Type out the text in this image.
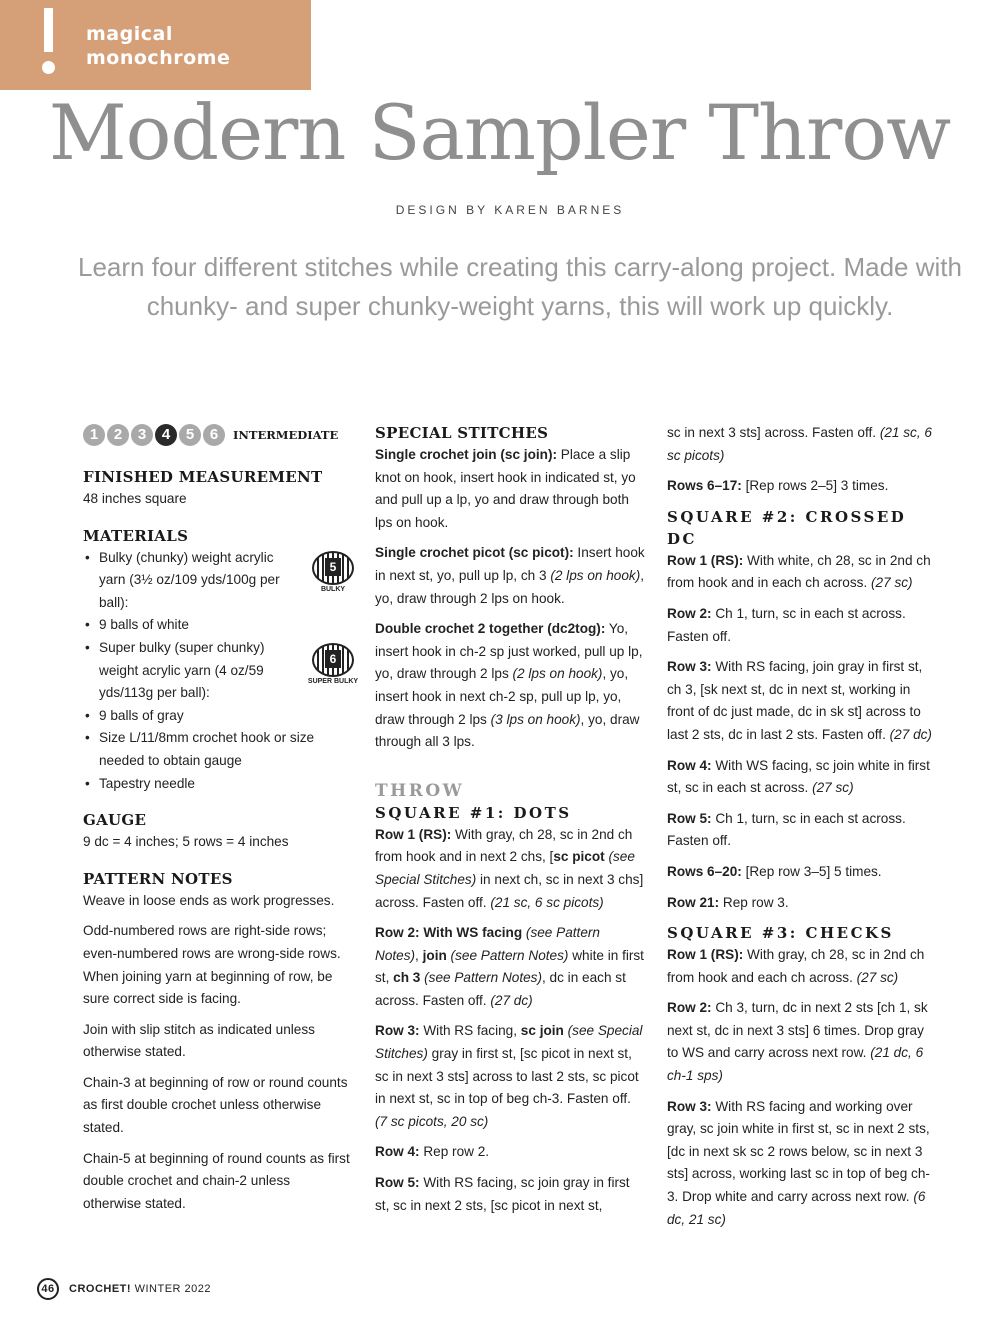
magical
monochrome
Modern Sampler Throw
DESIGN BY KAREN BARNES
Learn four different stitches while creating this carry-along project. Made with chunky- and super chunky-weight yarns, this will work up quickly.
1	2	3	4	5	6	INTERMEDIATE

FINISHED MEASUREMENT

48 inches square

MATERIALS

5
BULKY
6
SUPER BULKY
• Bulky (chunky) weight acrylic yarn (3½ oz/109 yds/100g per ball):
• 9 balls of white
• Super bulky (super chunky) weight acrylic yarn (4 oz/59 yds/113g per ball):
• 9 balls of gray
• Size L/11/8mm crochet hook or size needed to obtain gauge
• Tapestry needle

GAUGE

9 dc = 4 inches; 5 rows = 4 inches

PATTERN NOTES

Weave in loose ends as work progresses.

Odd-numbered rows are right-side rows; even-numbered rows are wrong-side rows. When joining yarn at beginning of row, be sure correct side is facing.

Join with slip stitch as indicated unless otherwise stated.

Chain-3 at beginning of row or round counts as first double crochet unless otherwise stated.

Chain-5 at beginning of round counts as first double crochet and chain-2 unless otherwise stated.

SPECIAL STITCHES

Single crochet join (sc join): Place a slip knot on hook, insert hook in indicated st, yo and pull up a lp, yo and draw through both lps on hook.

Single crochet picot (sc picot): Insert hook in next st, yo, pull up lp, ch 3 (2 lps on hook), yo, draw through 2 lps on hook.

Double crochet 2 together (dc2tog): Yo, insert hook in ch-2 sp just worked, pull up lp, yo, draw through 2 lps (2 lps on hook), yo, insert hook in next ch-2 sp, pull up lp, yo, draw through 2 lps (3 lps on hook), yo, draw through all 3 lps.

THROW

SQUARE #1: DOTS

Row 1 (RS): With gray, ch 28, sc in 2nd ch from hook and in next 2 chs, [sc picot (see Special Stitches) in next ch, sc in next 3 chs] across. Fasten off. (21 sc, 6 sc picots)

Row 2: With WS facing (see Pattern Notes), join (see Pattern Notes) white in first st, ch 3 (see Pattern Notes), dc in each st across. Fasten off. (27 dc)

Row 3: With RS facing, sc join (see Special Stitches) gray in first st, [sc picot in next st, sc in next 3 sts] across to last 2 sts, sc picot in next st, sc in top of beg ch-3. Fasten off. (7 sc picots, 20 sc)

Row 4: Rep row 2.

Row 5: With RS facing, sc join gray in first st, sc in next 2 sts, [sc picot in next st,

sc in next 3 sts] across. Fasten off. (21 sc, 6 sc picots)

Rows 6–17: [Rep rows 2–5] 3 times.

SQUARE #2: CROSSED DC

Row 1 (RS): With white, ch 28, sc in 2nd ch from hook and in each ch across. (27 sc)

Row 2: Ch 1, turn, sc in each st across. Fasten off.

Row 3: With RS facing, join gray in first st, ch 3, [sk next st, dc in next st, working in front of dc just made, dc in sk st] across to last 2 sts, dc in last 2 sts. Fasten off. (27 dc)

Row 4: With WS facing, sc join white in first st, sc in each st across. (27 sc)

Row 5: Ch 1, turn, sc in each st across. Fasten off.

Rows 6–20: [Rep row 3–5] 5 times.

Row 21: Rep row 3.

SQUARE #3: CHECKS

Row 1 (RS): With gray, ch 28, sc in 2nd ch from hook and each ch across. (27 sc)

Row 2: Ch 3, turn, dc in next 2 sts [ch 1, sk next st, dc in next 3 sts] 6 times. Drop gray to WS and carry across next row. (21 dc, 6 ch-1 sps)

Row 3: With RS facing and working over gray, sc join white in first st, sc in next 2 sts, [dc in next sk sc 2 rows below, sc in next 3 sts] across, working last sc in top of beg ch-3. Drop white and carry across next row. (6 dc, 21 sc)

46	CROCHET! WINTER 2022
